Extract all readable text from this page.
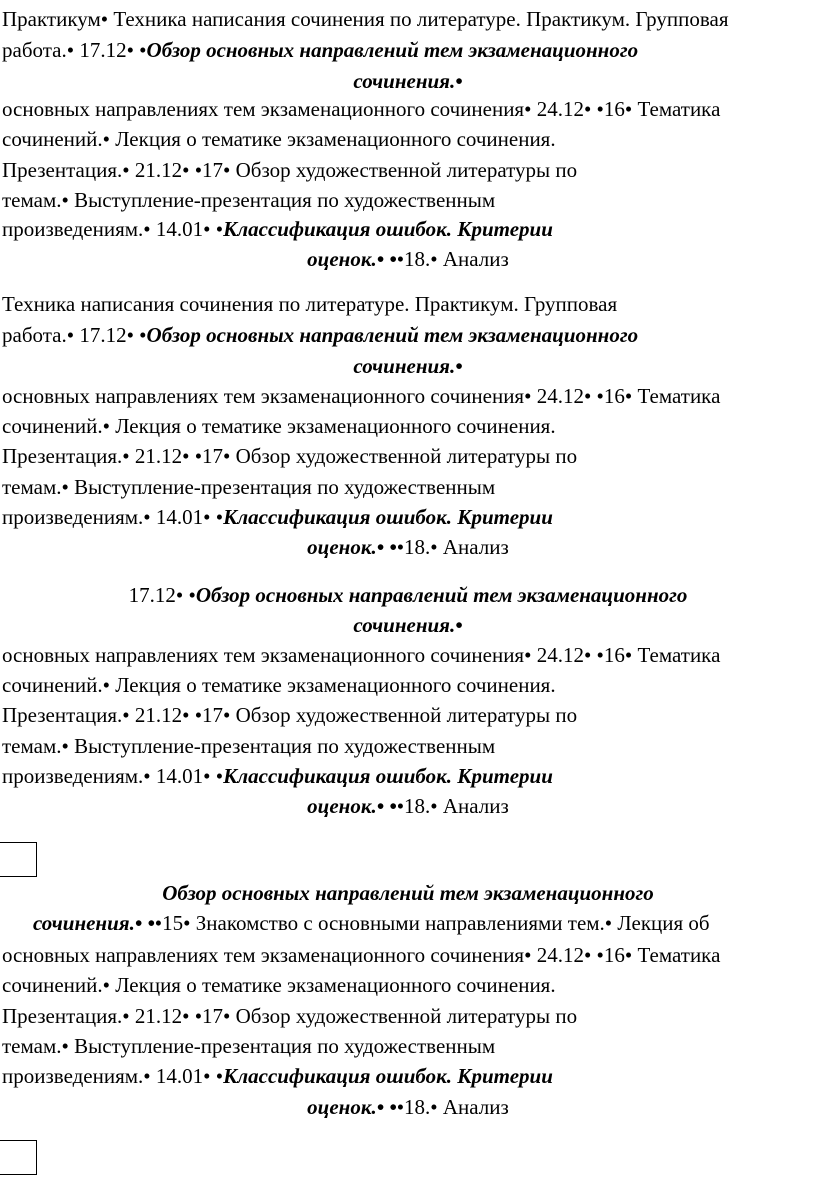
Практикум• Техника написания сочинения по литературе. Практикум. Групповая
работа.• 17.12• •Обзор основных направлений тем экзаменационного
сочинения.•
основных направлениях тем экзаменационного сочинения• 24.12• •16• Тематика
сочинений.• Лекция о тематике экзаменационного сочинения.
Презентация.• 21.12• •17• Обзор художественной литературы по
темам.• Выступление-презентация по художественным
произведениям.• 14.01• •Классификация ошибок. Критерии
оценок.• ••18.• Анализ
Техника написания сочинения по литературе. Практикум. Групповая
работа.• 17.12• •Обзор основных направлений тем экзаменационного
сочинения.•
основных направлениях тем экзаменационного сочинения• 24.12• •16• Тематика
сочинений.• Лекция о тематике экзаменационного сочинения.
Презентация.• 21.12• •17• Обзор художественной литературы по
темам.• Выступление-презентация по художественным
произведениям.• 14.01• •Классификация ошибок. Критерии
оценок.• ••18.• Анализ
17.12• •Обзор основных направлений тем экзаменационного
сочинения.•
основных направлениях тем экзаменационного сочинения• 24.12• •16• Тематика
сочинений.• Лекция о тематике экзаменационного сочинения.
Презентация.• 21.12• •17• Обзор художественной литературы по
темам.• Выступление-презентация по художественным
произведениям.• 14.01• •Классификация ошибок. Критерии
оценок.• ••18.• Анализ
Обзор основных направлений тем экзаменационного
сочинения.• ••15• Знакомство с основными направлениями тем.• Лекция об
основных направлениях тем экзаменационного сочинения• 24.12• •16• Тематика
сочинений.• Лекция о тематике экзаменационного сочинения.
Презентация.• 21.12• •17• Обзор художественной литературы по
темам.• Выступление-презентация по художественным
произведениям.• 14.01• •Классификация ошибок. Критерии
оценок.• ••18.• Анализ
